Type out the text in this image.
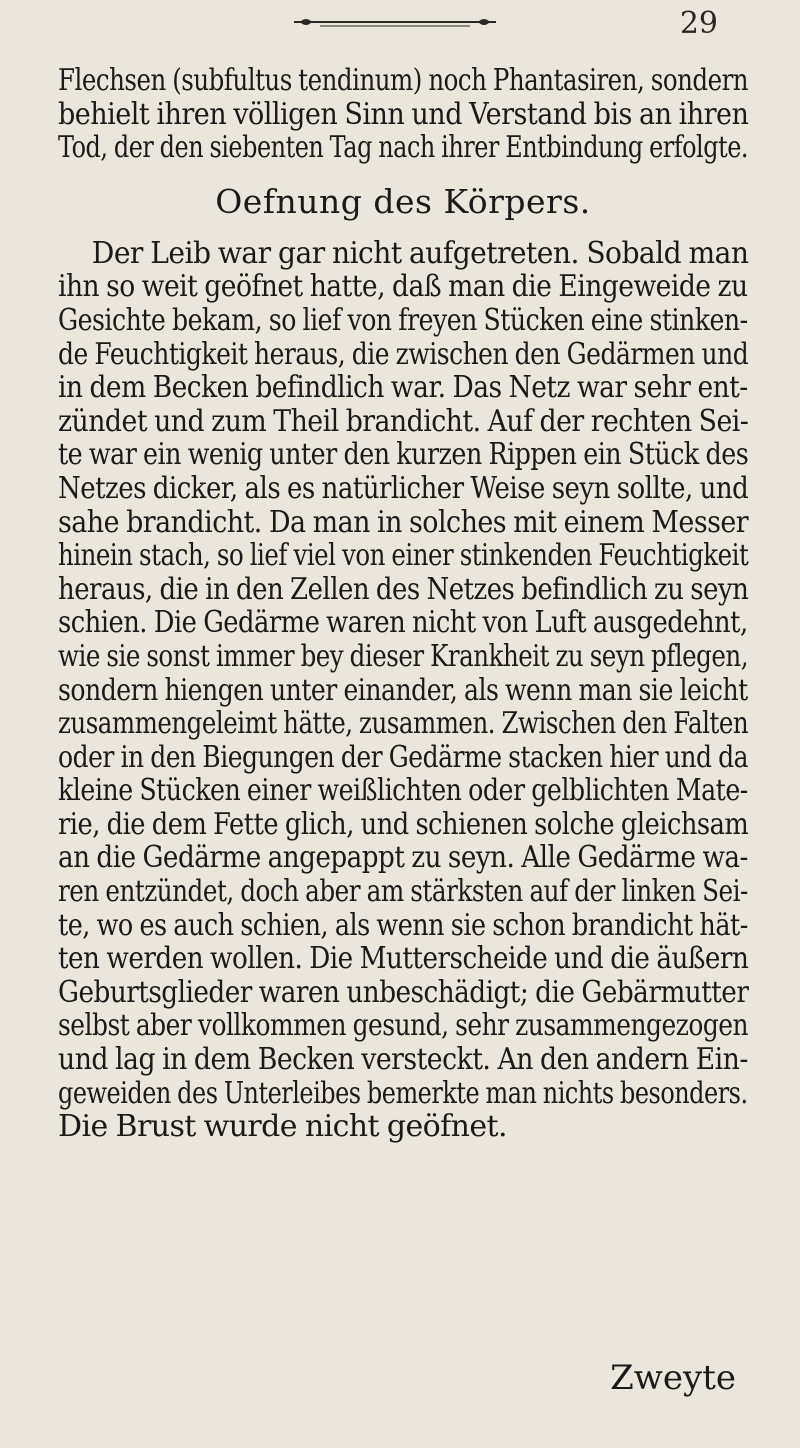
29
Flechsen (subfultus tendinum) noch Phantasiren, sondern
behielt ihren völligen Sinn und Verstand bis an ihren
Tod, der den siebenten Tag nach ihrer Entbindung erfolgte.
Oefnung des Körpers.
Der Leib war gar nicht aufgetreten. Sobald man
ihn so weit geöfnet hatte, daß man die Eingeweide zu
Gesichte bekam, so lief von freyen Stücken eine stinken-
de Feuchtigkeit heraus, die zwischen den Gedärmen und
in dem Becken befindlich war. Das Netz war sehr ent-
zündet und zum Theil brandicht. Auf der rechten Sei-
te war ein wenig unter den kurzen Rippen ein Stück des
Netzes dicker, als es natürlicher Weise seyn sollte, und
sahe brandicht. Da man in solches mit einem Messer
hinein stach, so lief viel von einer stinkenden Feuchtigkeit
heraus, die in den Zellen des Netzes befindlich zu seyn
schien. Die Gedärme waren nicht von Luft ausgedehnt,
wie sie sonst immer bey dieser Krankheit zu seyn pflegen,
sondern hiengen unter einander, als wenn man sie leicht
zusammengeleimt hätte, zusammen. Zwischen den Falten
oder in den Biegungen der Gedärme stacken hier und da
kleine Stücken einer weißlichten oder gelblichten Mate-
rie, die dem Fette glich, und schienen solche gleichsam
an die Gedärme angepappt zu seyn. Alle Gedärme wa-
ren entzündet, doch aber am stärksten auf der linken Sei-
te, wo es auch schien, als wenn sie schon brandicht hät-
ten werden wollen. Die Mutterscheide und die äußern
Geburtsglieder waren unbeschädigt; die Gebärmutter
selbst aber vollkommen gesund, sehr zusammengezogen
und lag in dem Becken versteckt. An den andern Ein-
geweiden des Unterleibes bemerkte man nichts besonders.
Die Brust wurde nicht geöfnet.
Zweyte
